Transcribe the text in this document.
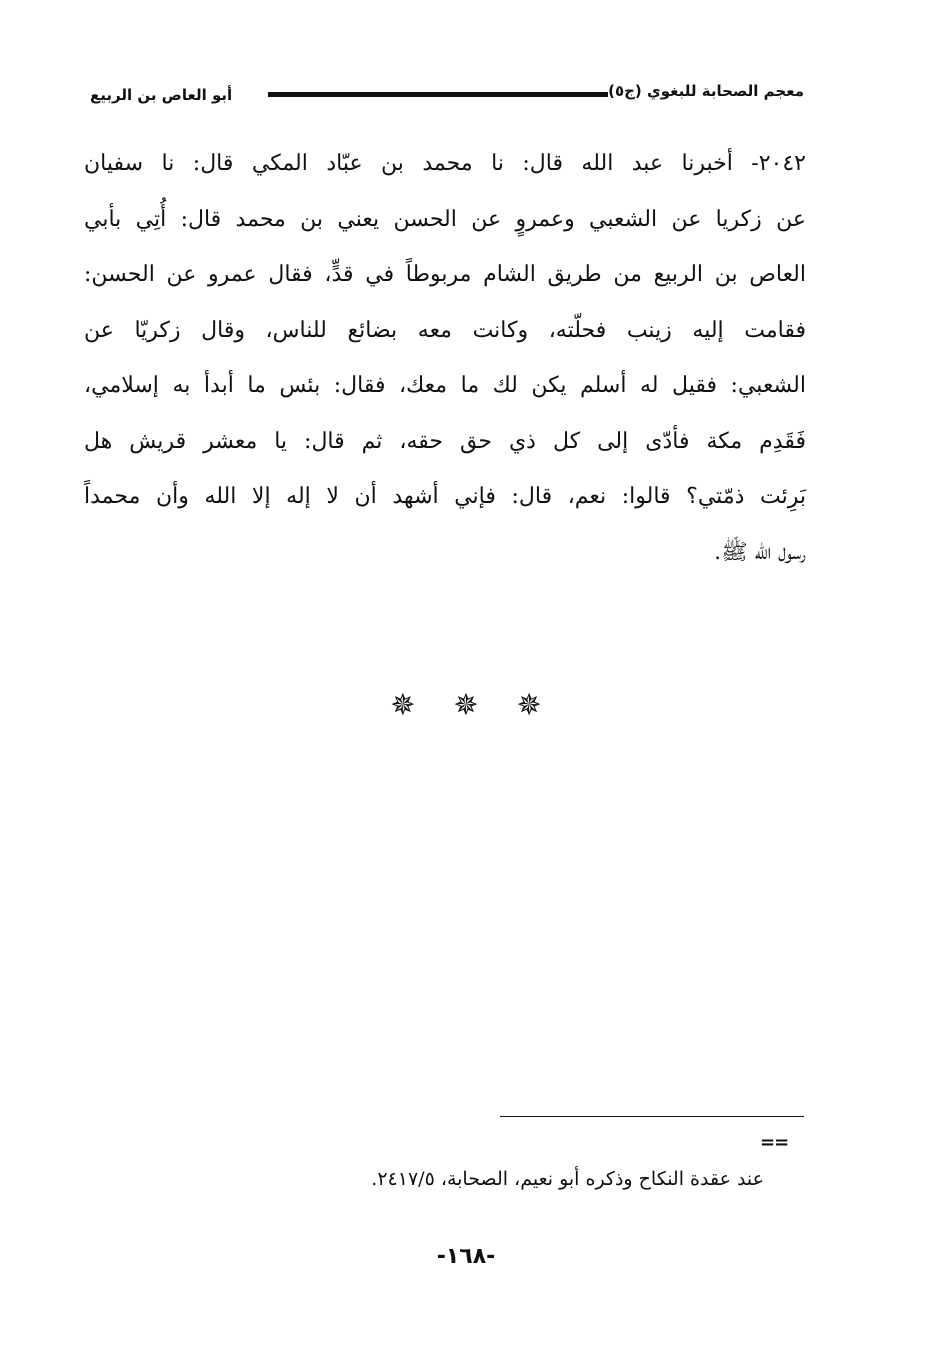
معجم الصحابة للبغوي (ج٥)
أبو العاص بن الربيع
٢٠٤٢- أخبرنا عبد الله قال: نا محمد بن عبّاد المكي قال: نا سفيان
عن زكريا عن الشعبي وعمروٍ عن الحسن يعني بن محمد قال: أُتِي بأبي
العاص بن الربيع من طريق الشام مربوطاً في قدٍّ، فقال عمرو عن الحسن:
فقامت إليه زينب فحلّته، وكانت معه بضائع للناس، وقال زكريّا عن
الشعبي: فقيل له أسلم يكن لك ما معك، فقال: بئس ما أبدأ به إسلامي،
فَقَدِم مكة فأدّى إلى كل ذي حق حقه، ثم قال: يا معشر قريش هل
بَرِئت ذمّتي؟ قالوا: نعم، قال: فإني أشهد أن لا إله إلا الله وأن محمداً
رسول الله ﷺ.
✵✵✵
==
عند عقدة النكاح وذكره أبو نعيم، الصحابة، ٢٤١٧/٥.
-١٦٨-
